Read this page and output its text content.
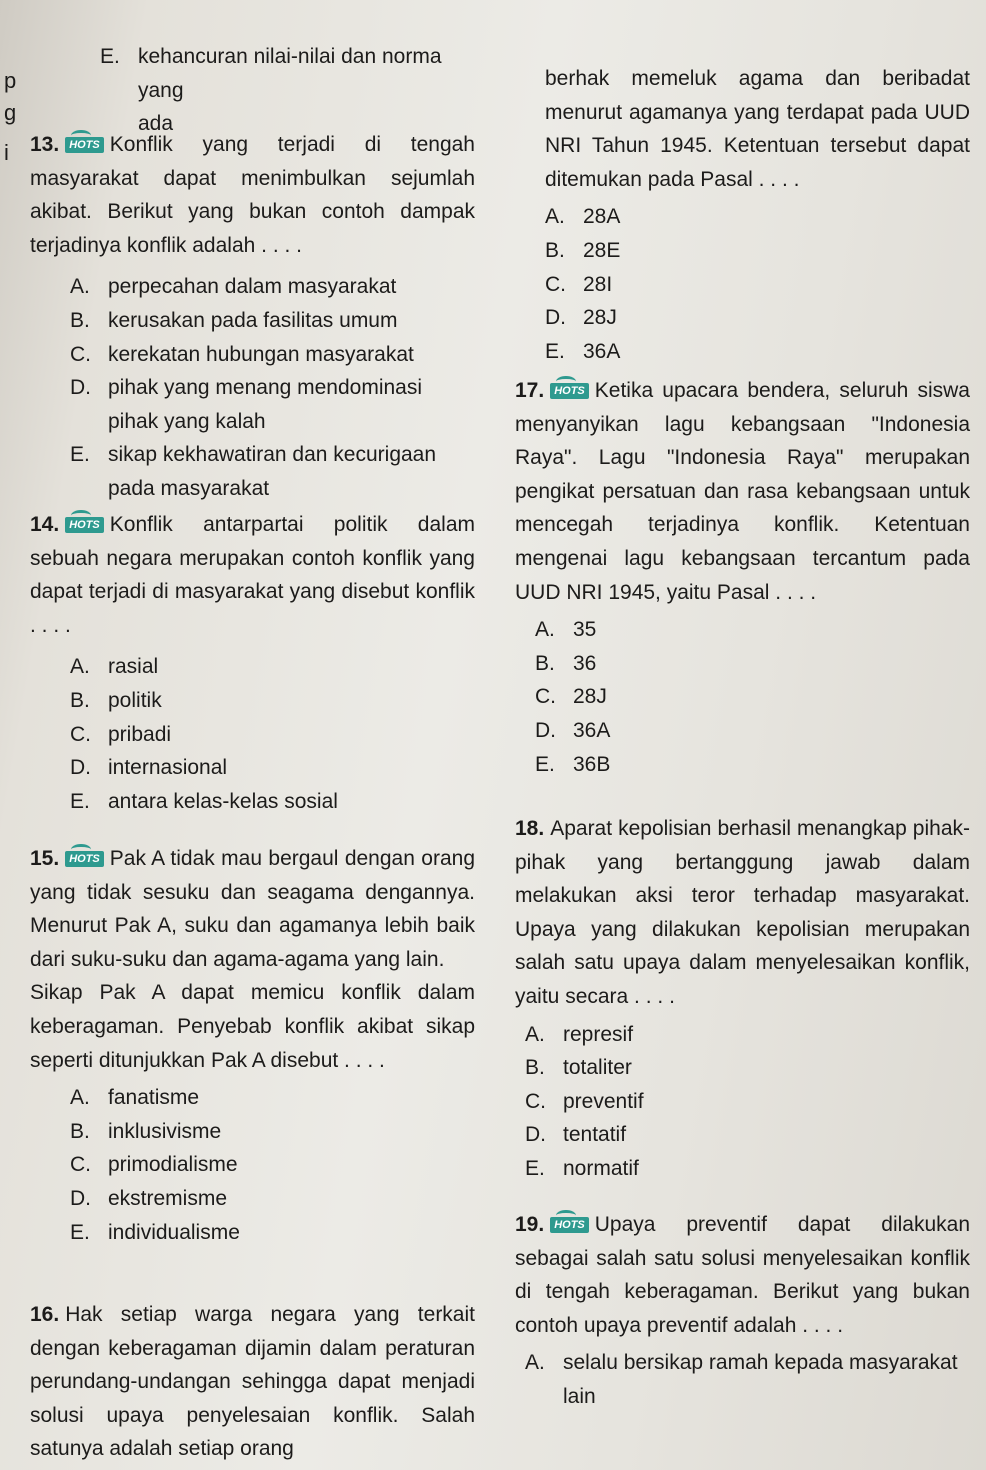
p
g
i
E. kehancuran nilai-nilai dan norma yang
ada
13. HOTS Konflik yang terjadi di tengah masyarakat dapat menimbulkan sejumlah akibat. Berikut yang bukan contoh dampak terjadinya konflik adalah . . . .
A. perpecahan dalam masyarakat
B. kerusakan pada fasilitas umum
C. kerekatan hubungan masyarakat
D. pihak yang menang mendominasi pihak yang kalah
E. sikap kekhawatiran dan kecurigaan pada masyarakat
14. HOTS Konflik antarpartai politik dalam sebuah negara merupakan contoh konflik yang dapat terjadi di masyarakat yang disebut konflik . . . .
A. rasial
B. politik
C. pribadi
D. internasional
E. antara kelas-kelas sosial
15. HOTS Pak A tidak mau bergaul dengan orang yang tidak sesuku dan seagama dengannya. Menurut Pak A, suku dan agamanya lebih baik dari suku-suku dan agama-agama yang lain.
Sikap Pak A dapat memicu konflik dalam keberagaman. Penyebab konflik akibat sikap seperti ditunjukkan Pak A disebut . . . .
A. fanatisme
B. inklusivisme
C. primodialisme
D. ekstremisme
E. individualisme
16. Hak setiap warga negara yang terkait dengan keberagaman dijamin dalam peraturan perundang-undangan sehingga dapat menjadi solusi upaya penyelesaian konflik. Salah satunya adalah setiap orang
berhak memeluk agama dan beribadat menurut agamanya yang terdapat pada UUD NRI Tahun 1945. Ketentuan tersebut dapat ditemukan pada Pasal . . . .
A. 28A
B. 28E
C. 28I
D. 28J
E. 36A
17. HOTS Ketika upacara bendera, seluruh siswa menyanyikan lagu kebangsaan "Indonesia Raya". Lagu "Indonesia Raya" merupakan pengikat persatuan dan rasa kebangsaan untuk mencegah terjadinya konflik. Ketentuan mengenai lagu kebangsaan tercantum pada UUD NRI 1945, yaitu Pasal . . . .
A. 35
B. 36
C. 28J
D. 36A
E. 36B
18. Aparat kepolisian berhasil menangkap pihak-pihak yang bertanggung jawab dalam melakukan aksi teror terhadap masyarakat. Upaya yang dilakukan kepolisian merupakan salah satu upaya dalam menyelesaikan konflik, yaitu secara . . . .
A. represif
B. totaliter
C. preventif
D. tentatif
E. normatif
19. HOTS Upaya preventif dapat dilakukan sebagai salah satu solusi menyelesaikan konflik di tengah keberagaman. Berikut yang bukan contoh upaya preventif adalah . . . .
A. selalu bersikap ramah kepada masyarakat lain
